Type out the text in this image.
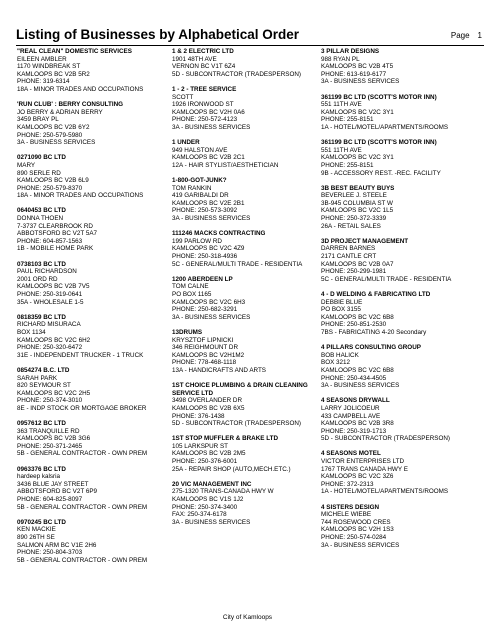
Listing of Businesses by Alphabetical Order	Page 1
"REAL CLEAN" DOMESTIC SERVICES
EILEEN AMBLER
1170 WINDBREAK ST
KAMLOOPS BC V2B 5R2
PHONE: 319-6314
18A - MINOR TRADES AND OCCUPATIONS
'RUN CLUB' : BERRY CONSULTING
JO BERRY & ADRIAN BERRY
3459 BRAY PL
KAMLOOPS BC V2B 6Y2
PHONE: 250-579-5980
3A - BUSINESS SERVICES
0271090 BC LTD
MARY
890 SERLE RD
KAMLOOPS BC V2B 6L9
PHONE: 250-579-8370
18A - MINOR TRADES AND OCCUPATIONS
0640453 BC LTD
DONNA THOEN
7-3737 CLEARBROOK RD
ABBOTSFORD BC V2T 5A7
PHONE: 604-857-1563
1B - MOBILE HOME PARK
0738103 BC LTD
PAUL RICHARDSON
2001 ORD RD
KAMLOOPS BC V2B 7V5
PHONE: 250-319-0641
35A - WHOLESALE 1-5
0818359 BC LTD
RICHARD MISURACA
BOX 1134
KAMLOOPS BC V2C 6H2
PHONE: 250-320-6472
31E - INDEPENDENT TRUCKER - 1 TRUCK
0854274 B.C. LTD
SARAH PARK
820 SEYMOUR ST
KAMLOOPS BC V2C 2H5
PHONE: 250-374-3010
8E - INDP STOCK OR MORTGAGE BROKER
0957612 BC LTD
363 TRANQUILLE RD
KAMLOOPS BC V2B 3G6
PHONE: 250-371-2465
5B - GENERAL CONTRACTOR - OWN PREM
0963376 BC LTD
hardeep kalsria
3436 BLUE JAY STREET
ABBOTSFORD BC V2T 6P9
PHONE: 604-825-8097
5B - GENERAL CONTRACTOR - OWN PREM
0970245 BC LTD
KEN MACKIE
890 26TH SE
SALMON ARM BC V1E 2H6
PHONE: 250-804-3703
5B - GENERAL CONTRACTOR - OWN PREM
1 & 2 ELECTRIC LTD
1901 48TH AVE
VERNON BC V1T 6Z4
5D - SUBCONTRACTOR (TRADESPERSON)
1 - 2 - TREE SERVICE
SCOTT
1926 IRONWOOD ST
KAMLOOPS BC V2H 0A6
PHONE: 250-572-4123
3A - BUSINESS SERVICES
1 UNDER
949 HALSTON AVE
KAMLOOPS BC V2B 2C1
12A - HAIR STYLIST/AESTHETICIAN
1-800-GOT-JUNK?
TOM RANKIN
419 GARIBALDI DR
KAMLOOPS BC V2E 2B1
PHONE: 250-573-3092
3A - BUSINESS SERVICES
111246 MACKS CONTRACTING
199 PARLOW RD
KAMLOOPS BC V2C 4Z9
PHONE: 250-318-4936
5C - GENERAL/MULTI TRADE - RESIDENTIA
1200 ABERDEEN LP
TOM CALNE
PO BOX 1165
KAMLOOPS BC V2C 6H3
PHONE: 250-682-3291
3A - BUSINESS SERVICES
13DRUMS
KRYSZTOF LIPNICKI
346 REIGHMOUNT DR
KAMLOOPS BC V2H1M2
PHONE: 778-468-1118
13A - HANDICRAFTS AND ARTS
1ST CHOICE PLUMBING & DRAIN CLEANING SERVICE LTD
3498 OVERLANDER DR
KAMLOOPS BC V2B 6X5
PHONE: 376-1438
5D - SUBCONTRACTOR (TRADESPERSON)
1ST STOP MUFFLER & BRAKE LTD
105 LARKSPUR ST
KAMLOOPS BC V2B 2M5
PHONE: 250-376-6001
25A - REPAIR SHOP (AUTO,MECH.ETC.)
20 VIC MANAGEMENT INC
275-1320 TRANS-CANADA HWY W
KAMLOOPS BC V1S 1J2
PHONE: 250-374-3400
FAX: 250-374-6178
3A - BUSINESS SERVICES
3 PILLAR DESIGNS
988 RYAN PL
KAMLOOPS BC V2B 4T5
PHONE: 613-619-6177
3A - BUSINESS SERVICES
361199 BC LTD (SCOTT'S MOTOR INN)
551 11TH AVE
KAMLOOPS BC V2C 3Y1
PHONE: 255-8151
1A - HOTEL/MOTEL/APARTMENTS/ROOMS
361199 BC LTD (SCOTT'S MOTOR INN)
551 11TH AVE
KAMLOOPS BC V2C 3Y1
PHONE: 255-8151
9B - ACCESSORY REST. -REC. FACILITY
3B BEST BEAUTY BUYS
BEVERLEE J. STEELE
3B-945 COLUMBIA ST W
KAMLOOPS BC V2C 1L5
PHONE: 250-372-3339
26A - RETAIL SALES
3D PROJECT MANAGEMENT
DARREN BARNES
2171 CANTLE CRT
KAMLOOPS BC V2B 0A7
PHONE: 250-299-1981
5C - GENERAL/MULTI TRADE - RESIDENTIA
4 - D WELDING & FABRICATING LTD
DEBBIE BLUE
PO BOX 3155
KAMLOOPS BC V2C 6B8
PHONE: 250-851-2530
7BS - FABRICATING 4-20 Secondary
4 PILLARS CONSULTING GROUP
BOB HALICK
BOX 3212
KAMLOOPS BC V2C 6B8
PHONE: 250-434-4505
3A - BUSINESS SERVICES
4 SEASONS DRYWALL
LARRY JOLICOEUR
433 CAMPBELL AVE
KAMLOOPS BC V2B 3R8
PHONE: 250-319-1713
5D - SUBCONTRACTOR (TRADESPERSON)
4 SEASONS MOTEL
VICTOR ENTERPRISES LTD
1767 TRANS CANADA HWY E
KAMLOOPS BC V2C 3Z6
PHONE: 372-2313
1A - HOTEL/MOTEL/APARTMENTS/ROOMS
4 SISTERS DESIGN
MICHELE WIEBE
744 ROSEWOOD CRES
KAMLOOPS BC V2H 1S3
PHONE: 250-574-0284
3A - BUSINESS SERVICES
City of Kamloops
